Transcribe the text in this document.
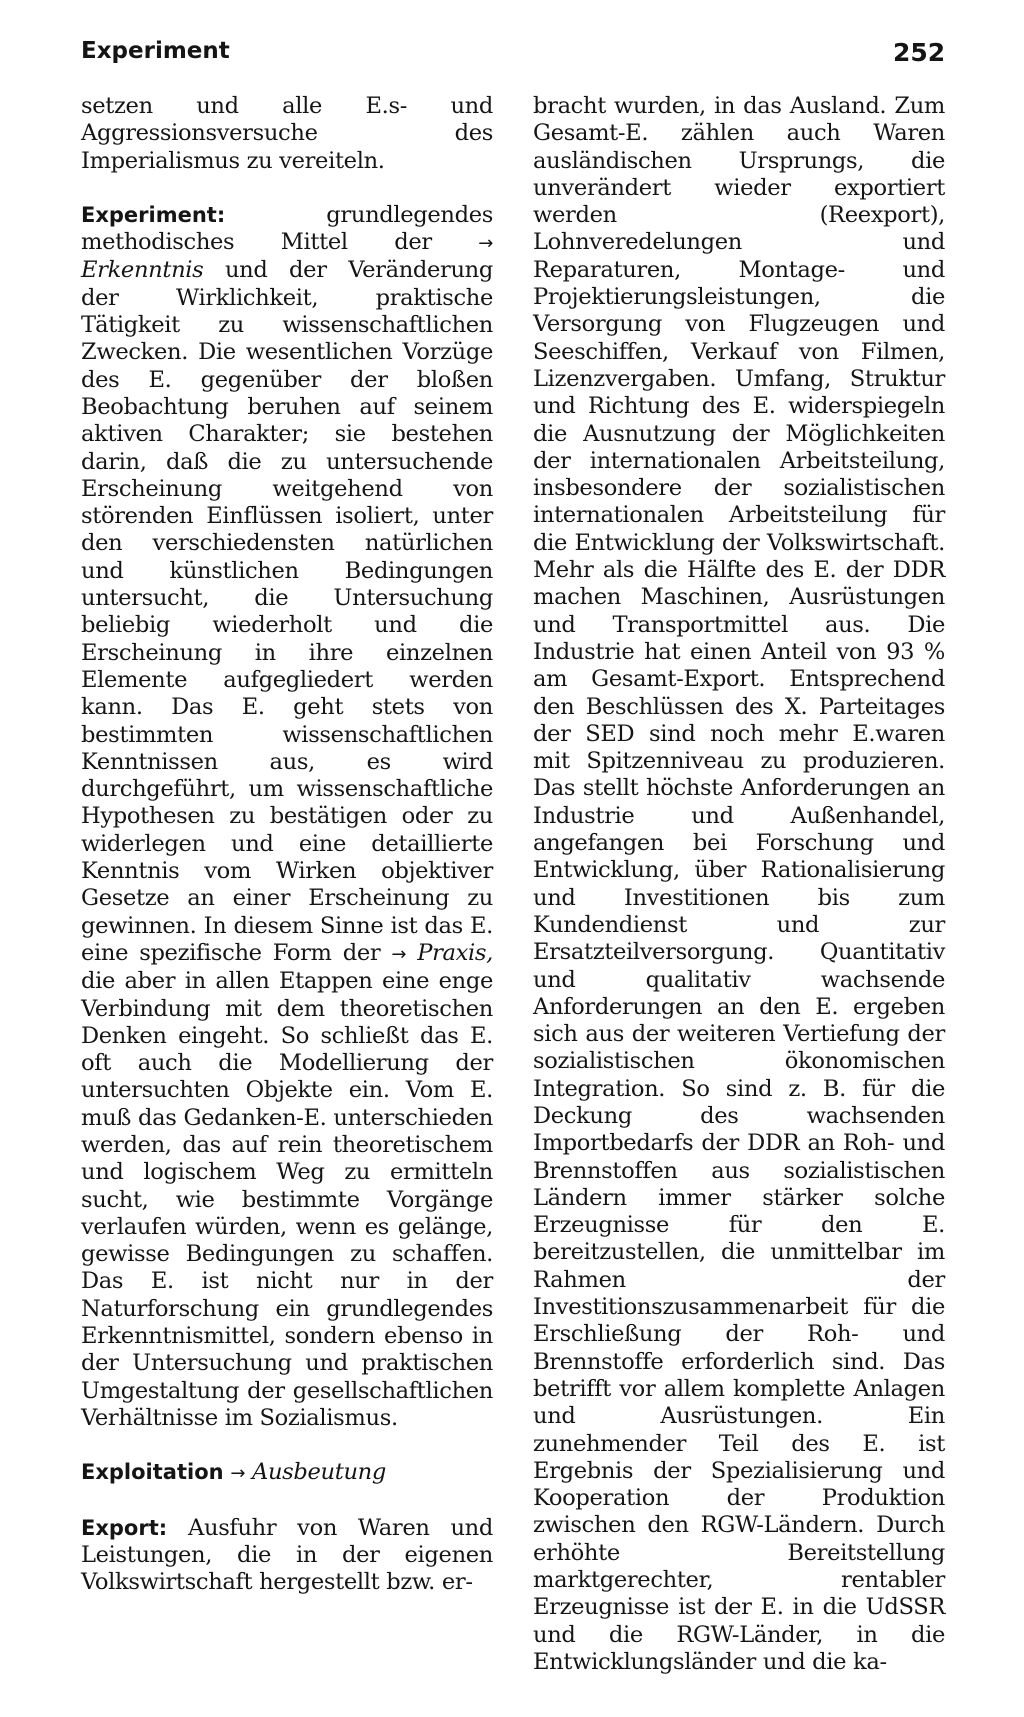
Experiment	252

setzen und alle E.s- und Aggressionsversuche des Imperialismus zu vereiteln.

Experiment: grundlegendes methodisches Mittel der → Erkenntnis und der Veränderung der Wirklichkeit, praktische Tätigkeit zu wissenschaftlichen Zwecken. Die wesentlichen Vorzüge des E. gegenüber der bloßen Beobachtung beruhen auf seinem aktiven Charakter; sie bestehen darin, daß die zu untersuchende Erscheinung weitgehend von störenden Einflüssen isoliert, unter den verschiedensten natürlichen und künstlichen Bedingungen untersucht, die Untersuchung beliebig wiederholt und die Erscheinung in ihre einzelnen Elemente aufgegliedert werden kann. Das E. geht stets von bestimmten wissenschaftlichen Kenntnissen aus, es wird durchgeführt, um wissenschaftliche Hypothesen zu bestätigen oder zu widerlegen und eine detaillierte Kenntnis vom Wirken objektiver Gesetze an einer Erscheinung zu gewinnen. In diesem Sinne ist das E. eine spezifische Form der → Praxis, die aber in allen Etappen eine enge Verbindung mit dem theoretischen Denken eingeht. So schließt das E. oft auch die Modellierung der untersuchten Objekte ein. Vom E. muß das Gedanken-E. unterschieden werden, das auf rein theoretischem und logischem Weg zu ermitteln sucht, wie bestimmte Vorgänge verlaufen würden, wenn es gelänge, gewisse Bedingungen zu schaffen. Das E. ist nicht nur in der Naturforschung ein grundlegendes Erkenntnismittel, sondern ebenso in der Untersuchung und praktischen Umgestaltung der gesellschaftlichen Verhältnisse im Sozialismus.

Exploitation → Ausbeutung

Export: Ausfuhr von Waren und Leistungen, die in der eigenen Volkswirtschaft hergestellt bzw. er-

bracht wurden, in das Ausland. Zum Gesamt-E. zählen auch Waren ausländischen Ursprungs, die unverändert wieder exportiert werden (Reexport), Lohnveredelungen und Reparaturen, Montage- und Projektierungsleistungen, die Versorgung von Flugzeugen und Seeschiffen, Verkauf von Filmen, Lizenzvergaben. Umfang, Struktur und Richtung des E. widerspiegeln die Ausnutzung der Möglichkeiten der internationalen Arbeitsteilung, insbesondere der sozialistischen internationalen Arbeitsteilung für die Entwicklung der Volkswirtschaft. Mehr als die Hälfte des E. der DDR machen Maschinen, Ausrüstungen und Transportmittel aus. Die Industrie hat einen Anteil von 93 % am Gesamt-Export. Entsprechend den Beschlüssen des X. Parteitages der SED sind noch mehr E.waren mit Spitzenniveau zu produzieren. Das stellt höchste Anforderungen an Industrie und Außenhandel, angefangen bei Forschung und Entwicklung, über Rationalisierung und Investitionen bis zum Kundendienst und zur Ersatzteilversorgung. Quantitativ und qualitativ wachsende Anforderungen an den E. ergeben sich aus der weiteren Vertiefung der sozialistischen ökonomischen Integration. So sind z. B. für die Deckung des wachsenden Importbedarfs der DDR an Roh- und Brennstoffen aus sozialistischen Ländern immer stärker solche Erzeugnisse für den E. bereitzustellen, die unmittelbar im Rahmen der Investitionszusammenarbeit für die Erschließung der Roh- und Brennstoffe erforderlich sind. Das betrifft vor allem komplette Anlagen und Ausrüstungen. Ein zunehmender Teil des E. ist Ergebnis der Spezialisierung und Kooperation der Produktion zwischen den RGW-Ländern. Durch erhöhte Bereitstellung marktgerechter, rentabler Erzeugnisse ist der E. in die UdSSR und die RGW-Länder, in die Entwicklungsländer und die ka-
